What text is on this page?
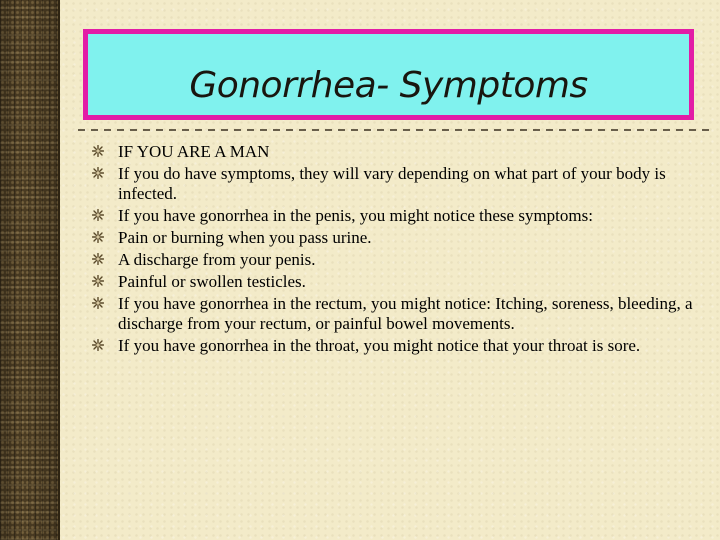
Gonorrhea- Symptoms
IF YOU ARE A MAN
If you do have symptoms, they will vary depending on what part of your body is infected.
If you have gonorrhea in the penis, you might notice these symptoms:
Pain or burning when you pass urine.
A discharge from your penis.
Painful or swollen testicles.
If you have gonorrhea in the rectum, you might notice: Itching, soreness, bleeding, a discharge from your rectum, or painful bowel movements.
If you have gonorrhea in the throat, you might notice that your throat is sore.
